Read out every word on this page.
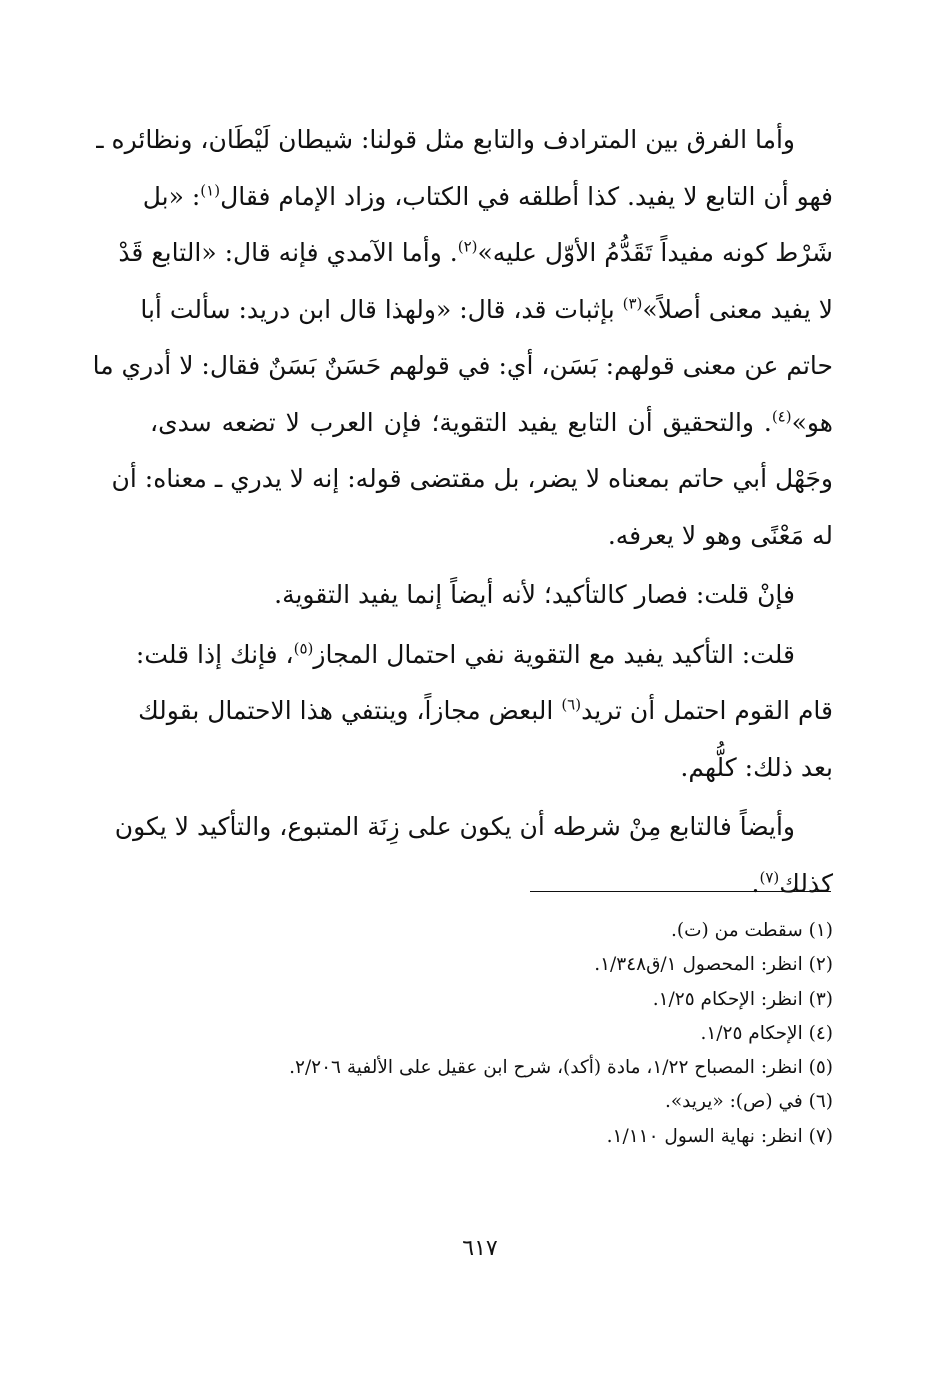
وأما الفرق بين المترادف والتابع مثل قولنا: شيطان لَيْطَان، ونظائره ـ
فهو أن التابع لا يفيد. كذا أطلقه في الكتاب، وزاد الإمام فقال$^{(١)}$: «بل
شَرْط كونه مفيداً تَقَدُّمُ الأوّل عليه»$^{(٢)}$. وأما الآمدي فإنه قال: «التابع قَدْ
لا يفيد معنى أصلاً»$^{(٣)}$ بإثبات قد، قال: «ولهذا قال ابن دريد: سألت أبا
حاتم عن معنى قولهم: بَسَن، أي: في قولهم حَسَنٌ بَسَنٌ فقال: لا أدري ما
هو»$^{(٤)}$. والتحقيق أن التابع يفيد التقوية؛ فإن العرب لا تضعه سدى،
وجَهْل أبي حاتم بمعناه لا يضر، بل مقتضى قوله: إنه لا يدري ـ معناه: أن
له مَعْنًى وهو لا يعرفه.
فإنْ قلت: فصار كالتأكيد؛ لأنه أيضاً إنما يفيد التقوية.
قلت: التأكيد يفيد مع التقوية نفي احتمال المجاز$^{(٥)}$، فإنك إذا قلت:
قام القوم احتمل أن تريد$^{(٦)}$ البعض مجازاً، وينتفي هذا الاحتمال بقولك
بعد ذلك: كلُّهم.
وأيضاً فالتابع مِنْ شرطه أن يكون على زِنَة المتبوع، والتأكيد لا يكون
كذلك$^{(٧)}$.
(١) سقطت من (ت).
(٢) انظر: المحصول ١/ق١/٣٤٨.
(٣) انظر: الإحكام ١/٢٥.
(٤) الإحكام ١/٢٥.
(٥) انظر: المصباح ١/٢٢، مادة (أكد)، شرح ابن عقيل على الألفية ٢/٢٠٦.
(٦) في (ص): «يريد».
(٧) انظر: نهاية السول ١/١١٠.
٦١٧
